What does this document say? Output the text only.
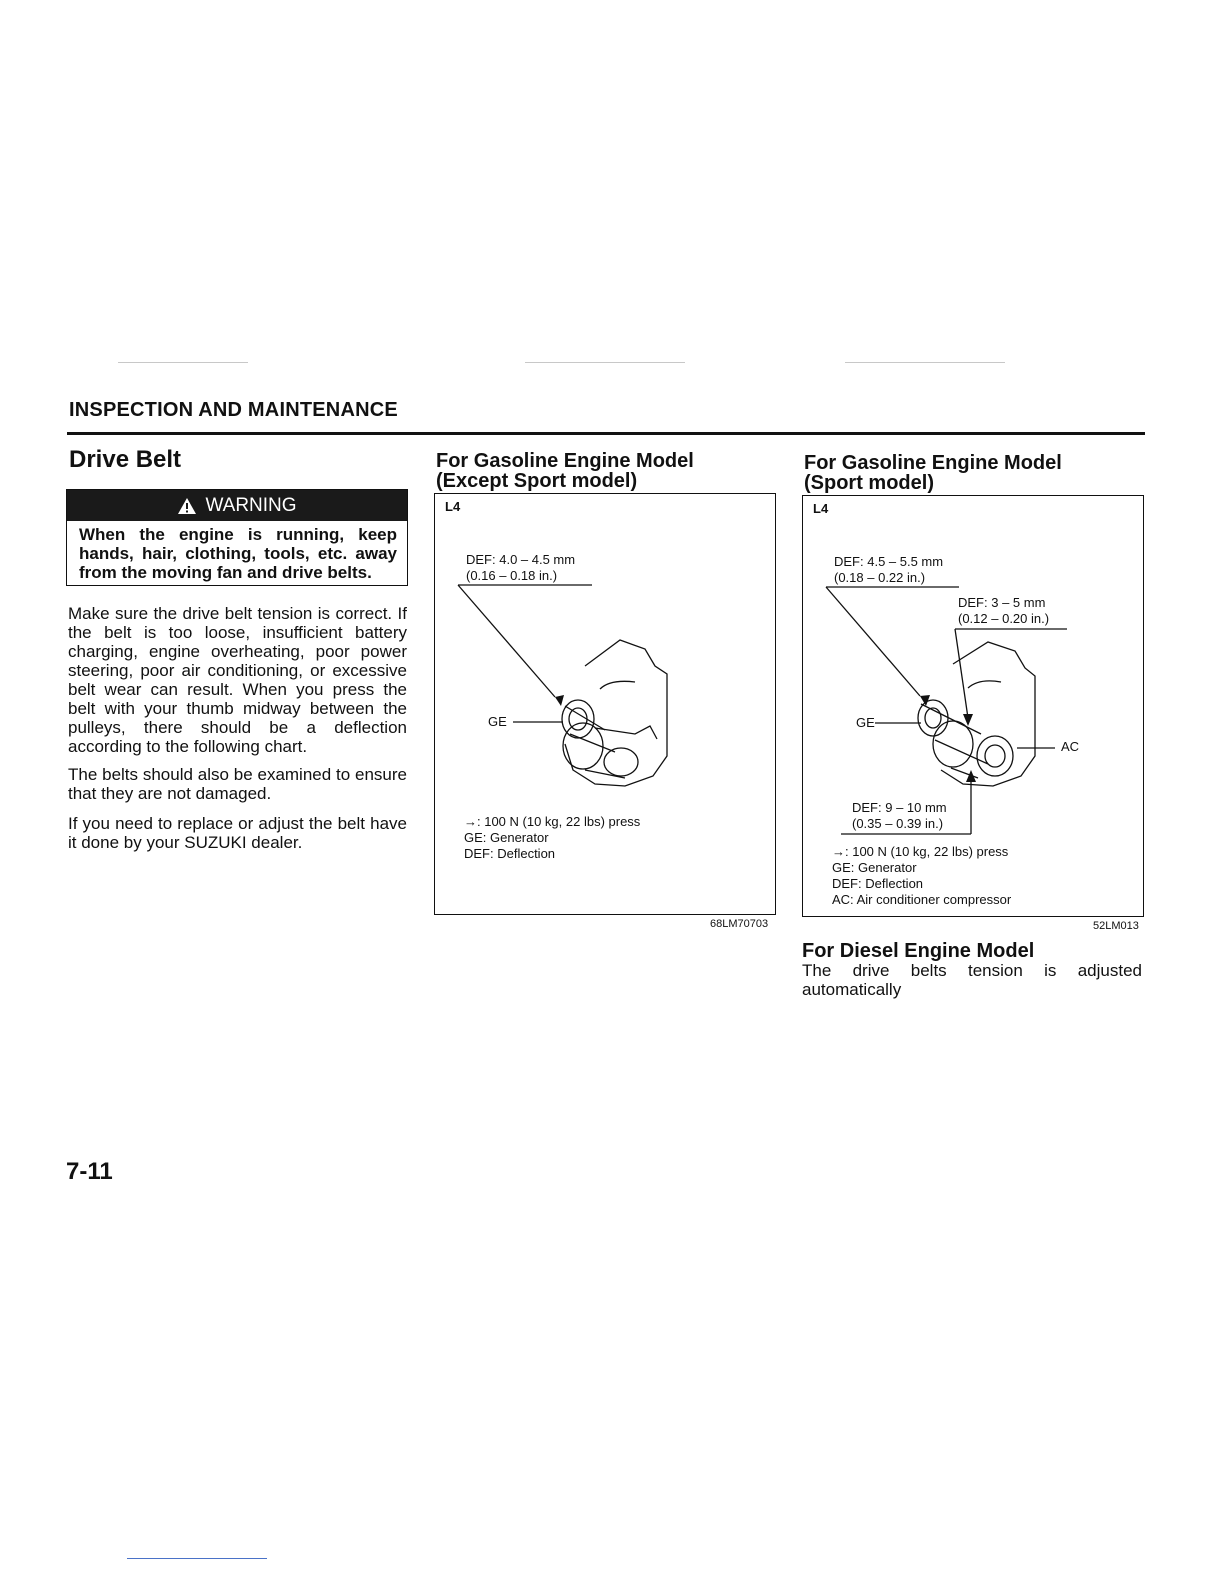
INSPECTION AND MAINTENANCE
Drive Belt
WARNING
When the engine is running, keep hands, hair, clothing, tools, etc. away from the moving fan and drive belts.
Make sure the drive belt tension is correct. If the belt is too loose, insufficient battery charging, engine overheating, poor power steering, poor air conditioning, or excessive belt wear can result. When you press the belt with your thumb midway between the pulleys, there should be a deflection according to the following chart.
The belts should also be examined to ensure that they are not damaged.
If you need to replace or adjust the belt have it done by your SUZUKI dealer.
For Gasoline Engine Model
(Except Sport model)
L4
DEF: 4.0 – 4.5 mm
(0.16 – 0.18 in.)
GE
→: 100 N (10 kg, 22 lbs) press
GE: Generator
DEF: Deflection
68LM70703
For Gasoline Engine Model
(Sport model)
L4
DEF: 4.5 – 5.5 mm
(0.18 – 0.22 in.)
DEF: 3 – 5 mm
(0.12 – 0.20 in.)
GE
AC
DEF: 9 – 10 mm
(0.35 – 0.39 in.)
→: 100 N (10 kg, 22 lbs) press
GE: Generator
DEF: Deflection
AC: Air conditioner compressor
52LM013
For Diesel Engine Model
The drive belts tension is adjusted automatically
7-11
